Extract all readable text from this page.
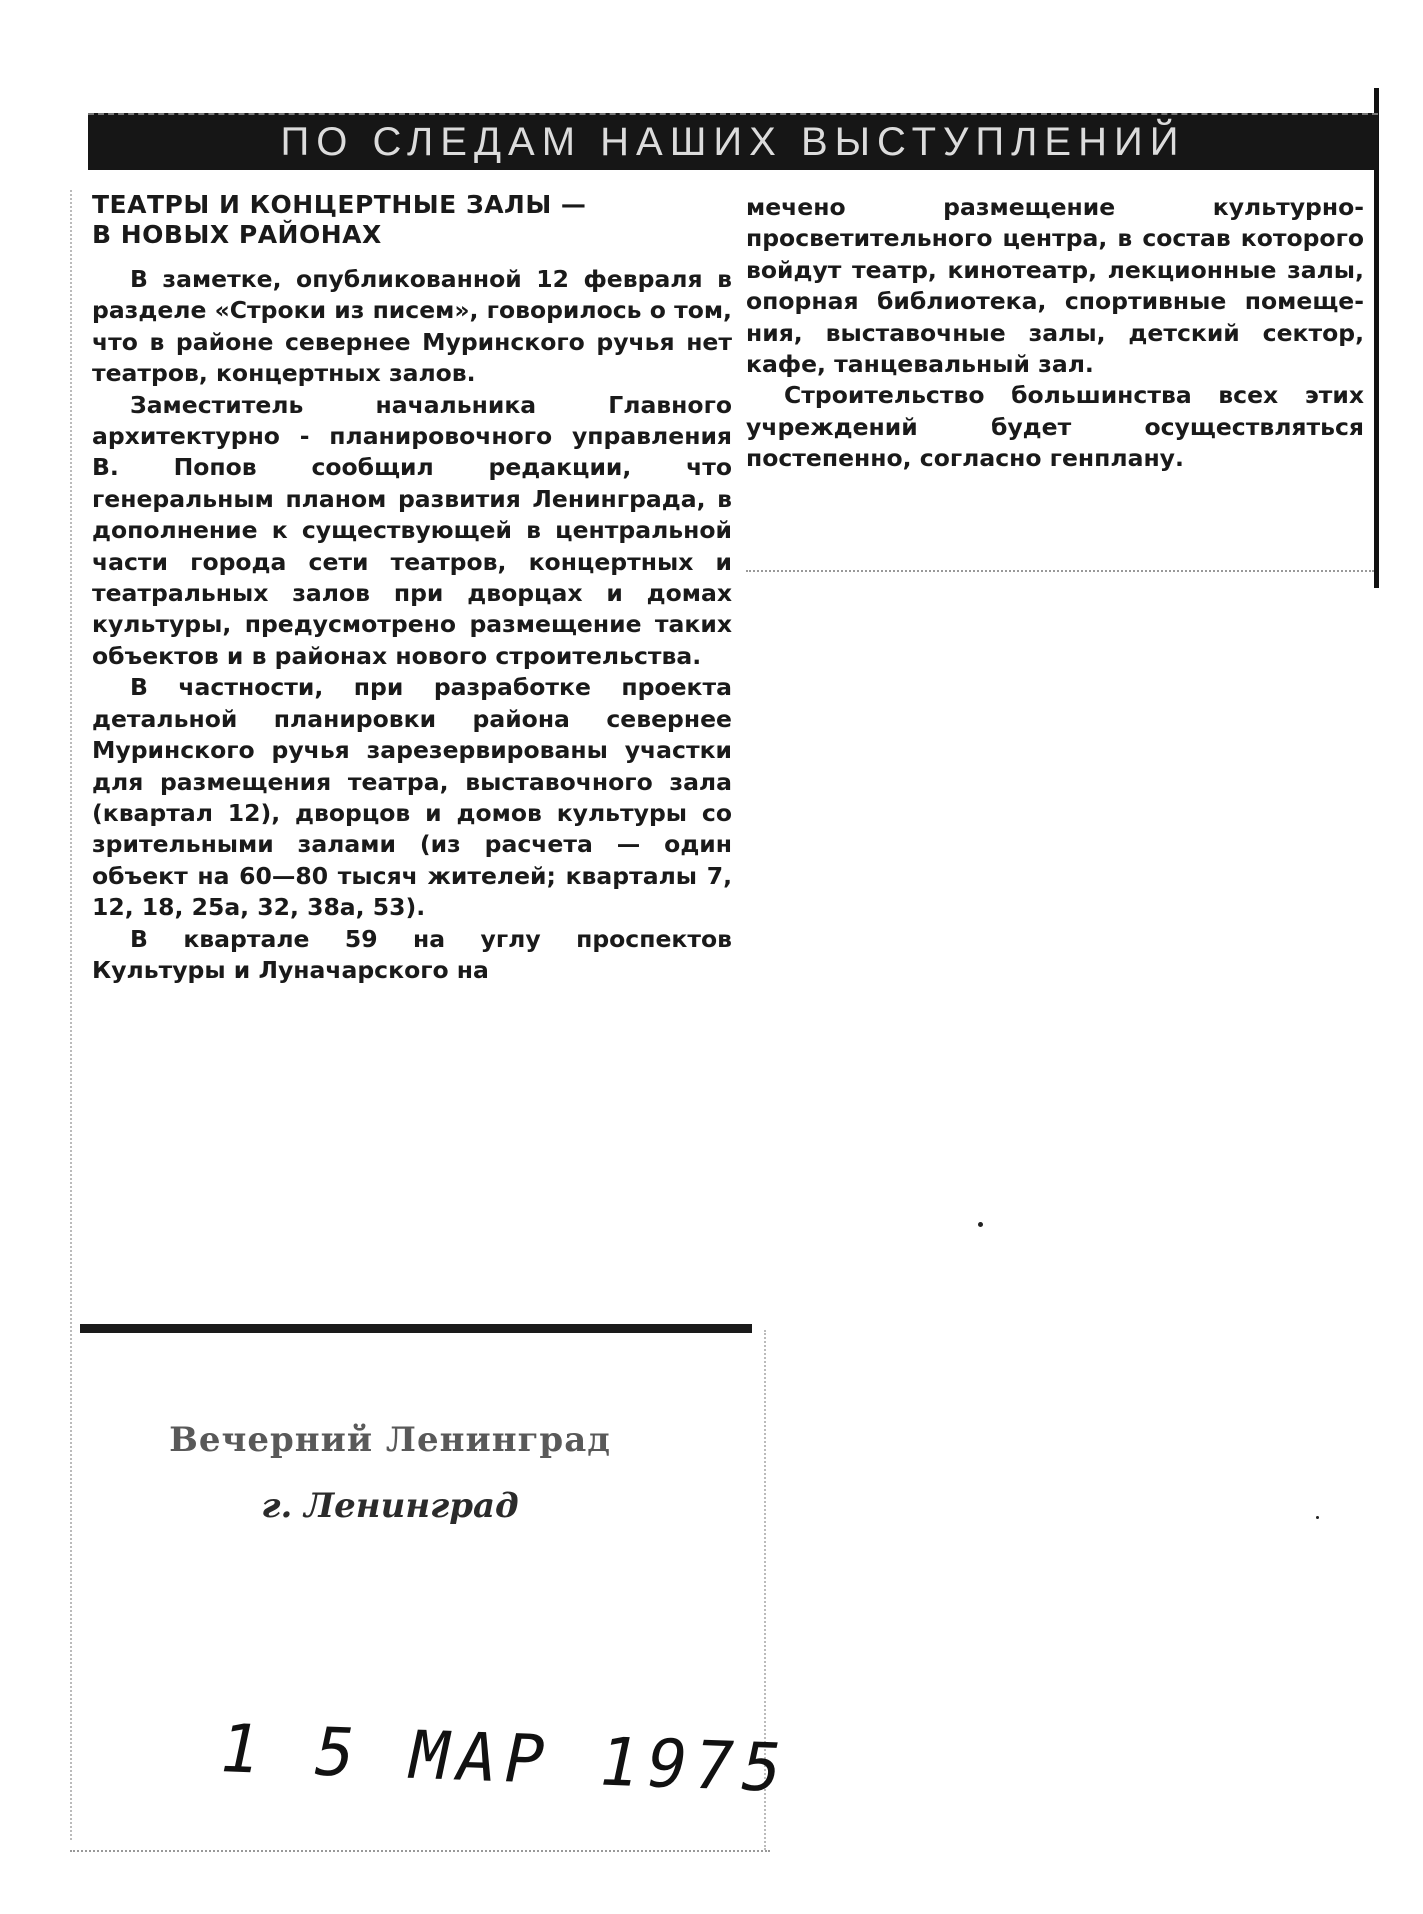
ПО СЛЕДАМ НАШИХ ВЫСТУПЛЕНИЙ
ТЕАТРЫ И КОНЦЕРТНЫЕ ЗАЛЫ —
В НОВЫХ РАЙОНАХ

В заметке, опубликованной 12 февраля в разделе «Строки из писем», говорилось о том, что в районе севернее Муринского ручья нет театров, концертных залов.

Заместитель начальника Главного архитектурно - планировочного управления В. Попов сообщил редакции, что генеральным планом развития Ленинграда, в дополнение к существующей в центральной части города сети театров, концертных и театральных залов при дворцах и домах культуры, предусмотрено размещение таких объектов и в районах нового строительства.

В частности, при разработке проекта детальной планировки района севернее Муринского ручья зарезервированы участки для размещения театра, выставочного зала (квартал 12), дворцов и домов культуры со зрительными залами (из расчета — один объект на 60—80 тысяч жителей; кварталы 7, 12, 18, 25а, 32, 38а, 53).

В квартале 59 на углу проспектов Культуры и Луначарского на

мечено размещение культурно-просветительного центра, в состав которого войдут театр, кинотеатр, лекционные залы, опорная библиотека, спортивные помещения, выставочные залы, детский сектор, кафе, танцевальный зал.

Строительство большинства всех этих учреждений будет осуществляться постепенно, согласно генплану.

Вечерний Ленинград
г. Ленинград
1 5 МАР 1975
